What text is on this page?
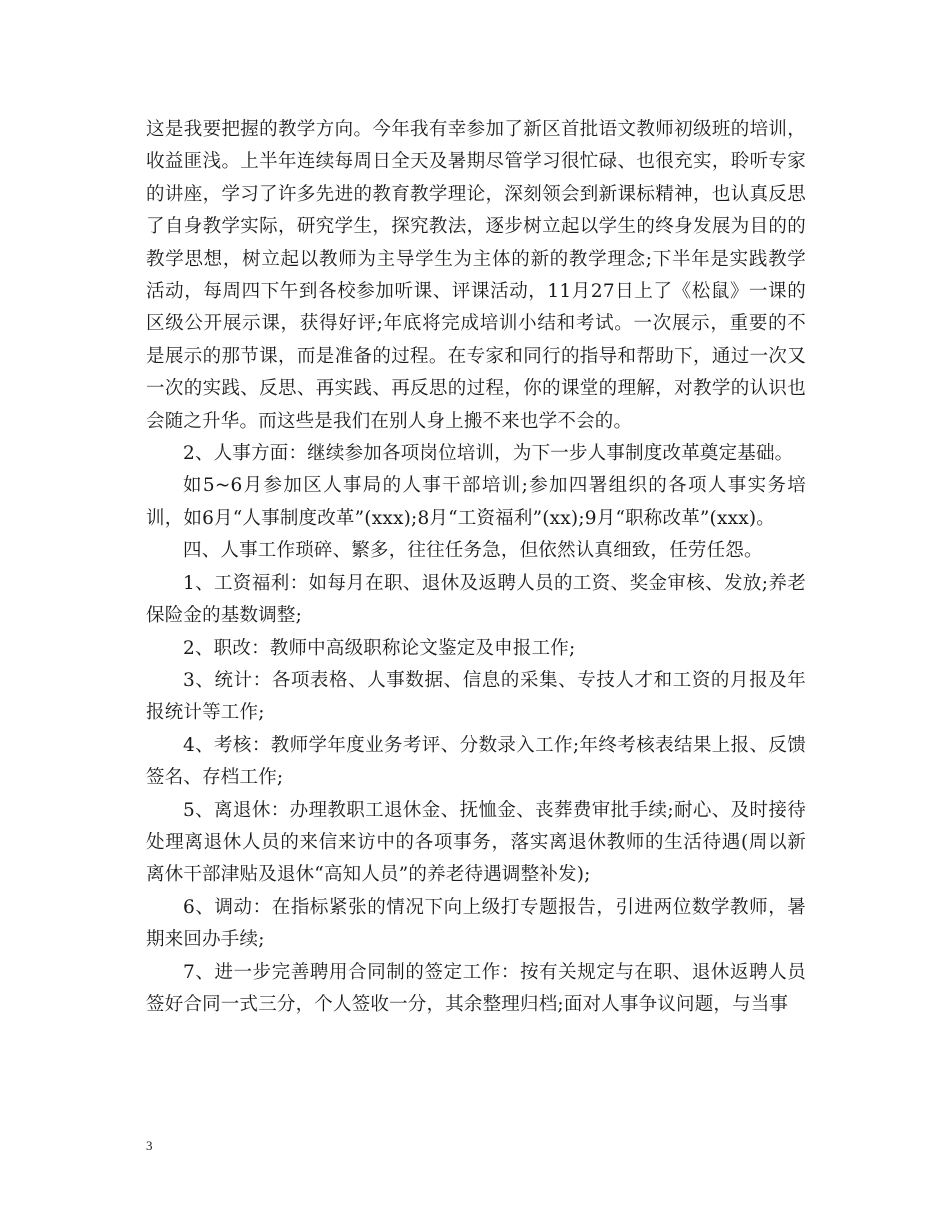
这是我要把握的教学方向。今年我有幸参加了新区首批语文教师初级班的培训，收益匪浅。上半年连续每周日全天及暑期尽管学习很忙碌、也很充实，聆听专家的讲座，学习了许多先进的教育教学理论，深刻领会到新课标精神，也认真反思了自身教学实际，研究学生，探究教法，逐步树立起以学生的终身发展为目的的教学思想，树立起以教师为主导学生为主体的新的教学理念;下半年是实践教学活动，每周四下午到各校参加听课、评课活动，11月27日上了《松鼠》一课的区级公开展示课，获得好评;年底将完成培训小结和考试。一次展示，重要的不是展示的那节课，而是准备的过程。在专家和同行的指导和帮助下，通过一次又一次的实践、反思、再实践、再反思的过程，你的课堂的理解，对教学的认识也会随之升华。而这些是我们在别人身上搬不来也学不会的。

2、人事方面：继续参加各项岗位培训，为下一步人事制度改革奠定基础。

如5~6月参加区人事局的人事干部培训;参加四署组织的各项人事实务培训，如6月“人事制度改革”(xxx);8月“工资福利”(xx);9月“职称改革”(xxx)。

四、人事工作琐碎、繁多，往往任务急，但依然认真细致，任劳任怨。

1、工资福利：如每月在职、退休及返聘人员的工资、奖金审核、发放;养老保险金的基数调整;

2、职改：教师中高级职称论文鉴定及申报工作;

3、统计：各项表格、人事数据、信息的采集、专技人才和工资的月报及年报统计等工作;

4、考核：教师学年度业务考评、分数录入工作;年终考核表结果上报、反馈签名、存档工作;

5、离退休：办理教职工退休金、抚恤金、丧葬费审批手续;耐心、及时接待处理离退休人员的来信来访中的各项事务，落实离退休教师的生活待遇(周以新离休干部津贴及退休“高知人员”的养老待遇调整补发);

6、调动：在指标紧张的情况下向上级打专题报告，引进两位数学教师，暑期来回办手续;

7、进一步完善聘用合同制的签定工作：按有关规定与在职、退休返聘人员签好合同一式三分，个人签收一分，其余整理归档;面对人事争议问题，与当事

3
